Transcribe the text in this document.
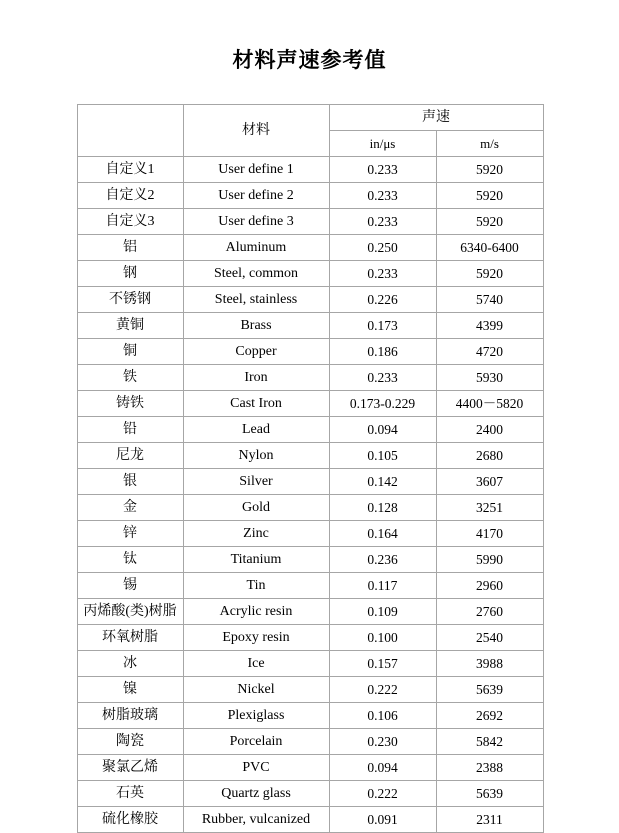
材料声速参考值
	材料	声速	
		in/μs	m/s
自定义1	User define 1	0.233	5920
自定义2	User define 2	0.233	5920
自定义3	User define 3	0.233	5920
铝	Aluminum	0.250	6340-6400
钢	Steel, common	0.233	5920
不锈钢	Steel, stainless	0.226	5740
黄铜	Brass	0.173	4399
铜	Copper	0.186	4720
铁	Iron	0.233	5930
铸铁	Cast Iron	0.173-0.229	4400－5820
铅	Lead	0.094	2400
尼龙	Nylon	0.105	2680
银	Silver	0.142	3607
金	Gold	0.128	3251
锌	Zinc	0.164	4170
钛	Titanium	0.236	5990
锡	Tin	0.117	2960
丙烯酸(类)树脂	Acrylic resin	0.109	2760
环氧树脂	Epoxy resin	0.100	2540
冰	Ice	0.157	3988
镍	Nickel	0.222	5639
树脂玻璃	Plexiglass	0.106	2692
陶瓷	Porcelain	0.230	5842
聚氯乙烯	PVC	0.094	2388
石英	Quartz glass	0.222	5639
硫化橡胶	Rubber, vulcanized	0.091	2311
